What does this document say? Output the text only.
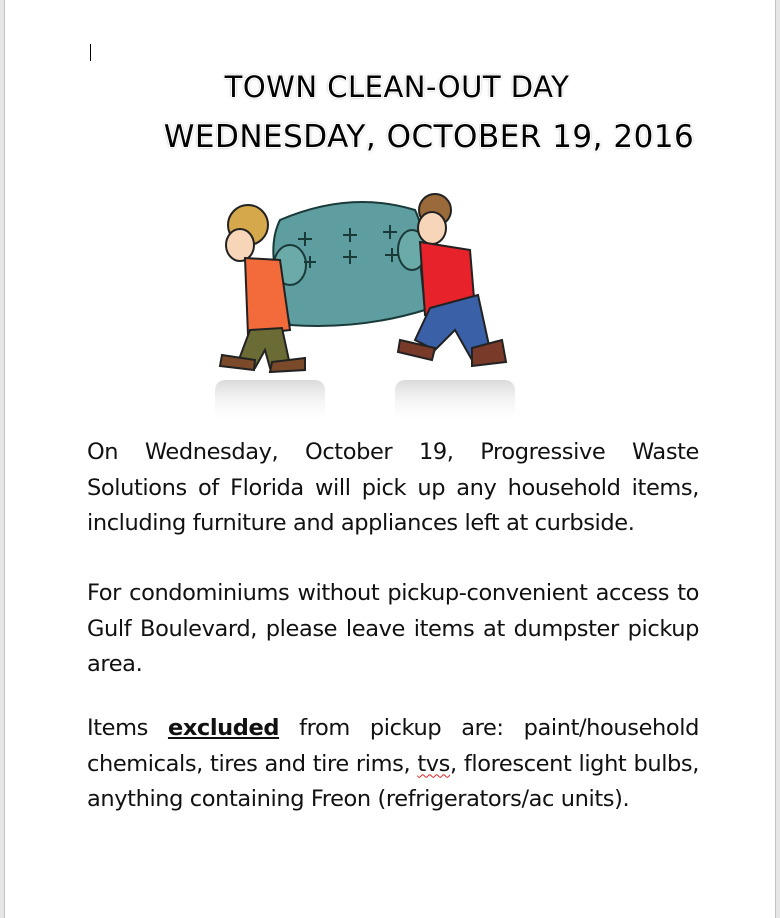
TOWN CLEAN-OUT DAY
WEDNESDAY, OCTOBER 19, 2016

On Wednesday, October 19, Progressive Waste Solutions of Florida will pick up any household items, including furniture and appliances left at curbside.

For condominiums without pickup-convenient access to Gulf Boulevard, please leave items at dumpster pickup area.

Items excluded from pickup are: paint/household chemicals, tires and tire rims, tvs, florescent light bulbs, anything containing Freon (refrigerators/ac units).
